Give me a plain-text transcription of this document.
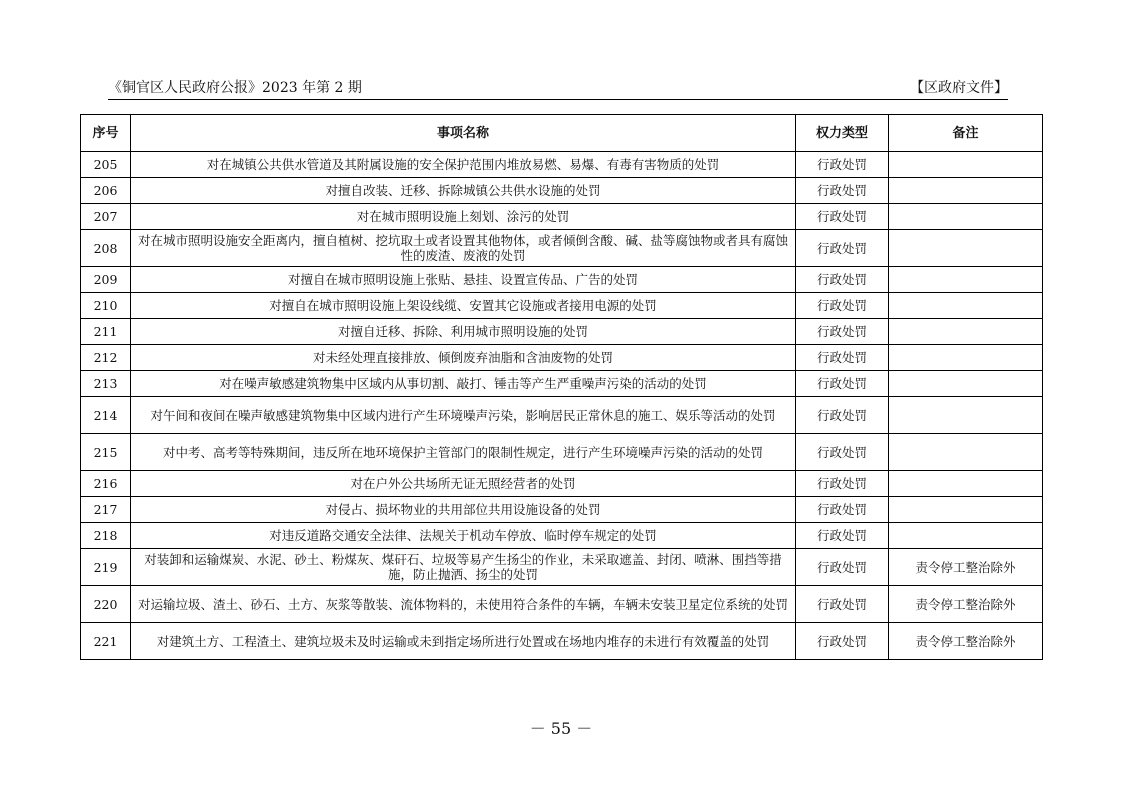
《铜官区人民政府公报》2023 年第 2 期	【区政府文件】
序号	事项名称	权力类型	备注
205	对在城镇公共供水管道及其附属设施的安全保护范围内堆放易燃、易爆、有毒有害物质的处罚	行政处罚	
206	对擅自改装、迁移、拆除城镇公共供水设施的处罚	行政处罚	
207	对在城市照明设施上刻划、涂污的处罚	行政处罚	
208	对在城市照明设施安全距离内，擅自植树、挖坑取土或者设置其他物体，或者倾倒含酸、碱、盐等腐蚀物或者具有腐蚀性的废渣、废液的处罚	行政处罚	
209	对擅自在城市照明设施上张贴、悬挂、设置宣传品、广告的处罚	行政处罚	
210	对擅自在城市照明设施上架设线缆、安置其它设施或者接用电源的处罚	行政处罚	
211	对擅自迁移、拆除、利用城市照明设施的处罚	行政处罚	
212	对未经处理直接排放、倾倒废弃油脂和含油废物的处罚	行政处罚	
213	对在噪声敏感建筑物集中区域内从事切割、敲打、锤击等产生严重噪声污染的活动的处罚	行政处罚	
214	对午间和夜间在噪声敏感建筑物集中区域内进行产生环境噪声污染，影响居民正常休息的施工、娱乐等活动的处罚	行政处罚	
215	对中考、高考等特殊期间，违反所在地环境保护主管部门的限制性规定，进行产生环境噪声污染的活动的处罚	行政处罚	
216	对在户外公共场所无证无照经营者的处罚	行政处罚	
217	对侵占、损坏物业的共用部位共用设施设备的处罚	行政处罚	
218	对违反道路交通安全法律、法规关于机动车停放、临时停车规定的处罚	行政处罚	
219	对装卸和运输煤炭、水泥、砂土、粉煤灰、煤矸石、垃圾等易产生扬尘的作业，未采取遮盖、封闭、喷淋、围挡等措施，防止抛洒、扬尘的处罚	行政处罚	责令停工整治除外
220	对运输垃圾、渣土、砂石、土方、灰浆等散装、流体物料的，未使用符合条件的车辆，车辆未安装卫星定位系统的处罚	行政处罚	责令停工整治除外
221	对建筑土方、工程渣土、建筑垃圾未及时运输或未到指定场所进行处置或在场地内堆存的未进行有效覆盖的处罚	行政处罚	责令停工整治除外
－ 55 －
